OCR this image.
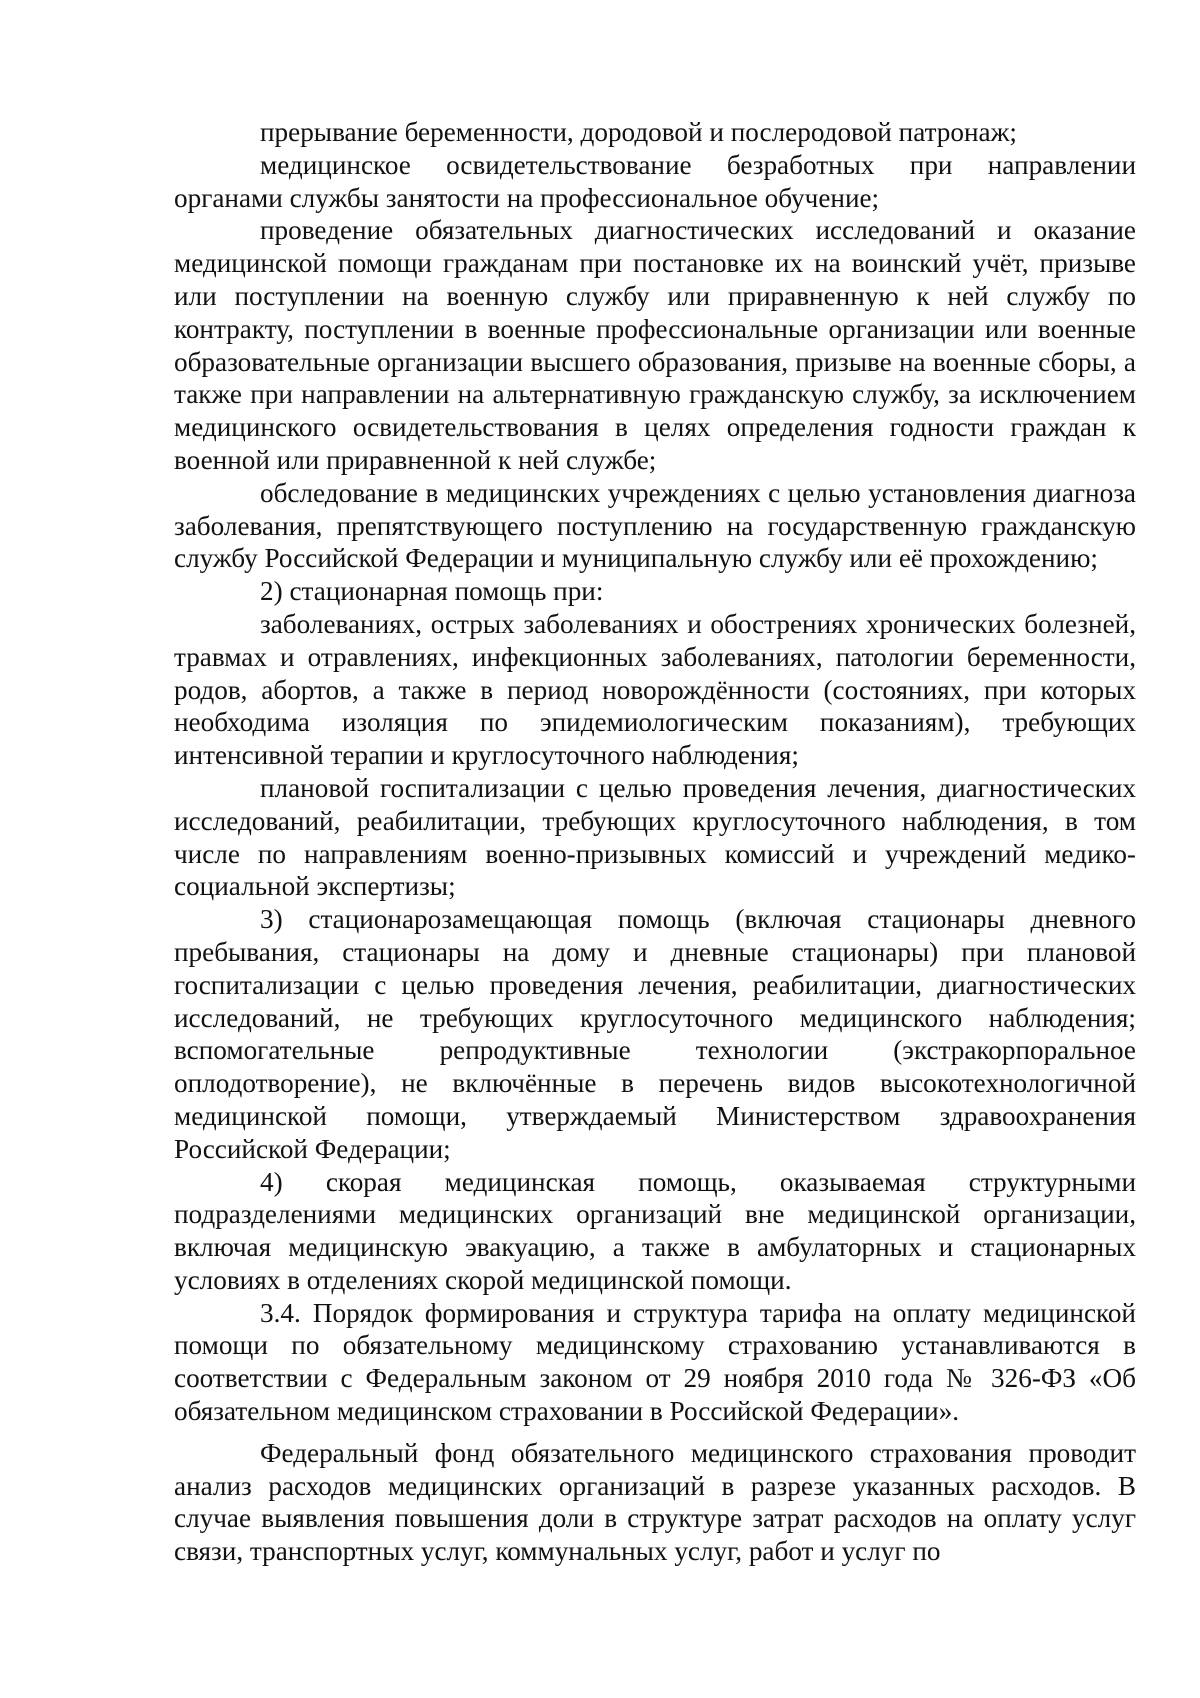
прерывание беременности, дородовой и послеродовой патронаж;

медицинское освидетельствование безработных при направлении органами службы занятости на профессиональное обучение;

проведение обязательных диагностических исследований и оказание медицинской помощи гражданам при постановке их на воинский учёт, призыве или поступлении на военную службу или приравненную к ней службу по контракту, поступлении в военные профессиональные организации или военные образовательные организации высшего образования, призыве на военные сборы, а также при направлении на альтернативную гражданскую службу, за исключением медицинского освидетельствования в целях определения годности граждан к военной или приравненной к ней службе;

обследование в медицинских учреждениях с целью установления диагноза заболевания, препятствующего поступлению на государственную гражданскую службу Российской Федерации и муниципальную службу или её прохождению;

2) стационарная помощь при:

заболеваниях, острых заболеваниях и обострениях хронических болезней, травмах и отравлениях, инфекционных заболеваниях, патологии беременности, родов, абортов, а также в период новорождённости (состояниях, при которых необходима изоляция по эпидемиологическим показаниям), требующих интенсивной терапии и круглосуточного наблюдения;

плановой госпитализации с целью проведения лечения, диагностических исследований, реабилитации, требующих круглосуточного наблюдения, в том числе по направлениям военно-призывных комиссий и учреждений медико-социальной экспертизы;

3) стационарозамещающая помощь (включая стационары дневного пребывания, стационары на дому и дневные стационары) при плановой госпитализации с целью проведения лечения, реабилитации, диагностических исследований, не требующих круглосуточного медицинского наблюдения; вспомогательные репродуктивные технологии (экстракорпоральное оплодотворение), не включённые в перечень видов высокотехнологичной медицинской помощи, утверждаемый Министерством здравоохранения Российской Федерации;

4) скорая медицинская помощь, оказываемая структурными подразделениями медицинских организаций вне медицинской организации, включая медицинскую эвакуацию, а также в амбулаторных и стационарных условиях в отделениях скорой медицинской помощи.

3.4. Порядок формирования и структура тарифа на оплату медицинской помощи по обязательному медицинскому страхованию устанавливаются в соответствии с Федеральным законом от 29 ноября 2010 года № 326-ФЗ «Об обязательном медицинском страховании в Российской Федерации».

Федеральный фонд обязательного медицинского страхования проводит анализ расходов медицинских организаций в разрезе указанных расходов. В случае выявления повышения доли в структуре затрат расходов на оплату услуг связи, транспортных услуг, коммунальных услуг, работ и услуг по
